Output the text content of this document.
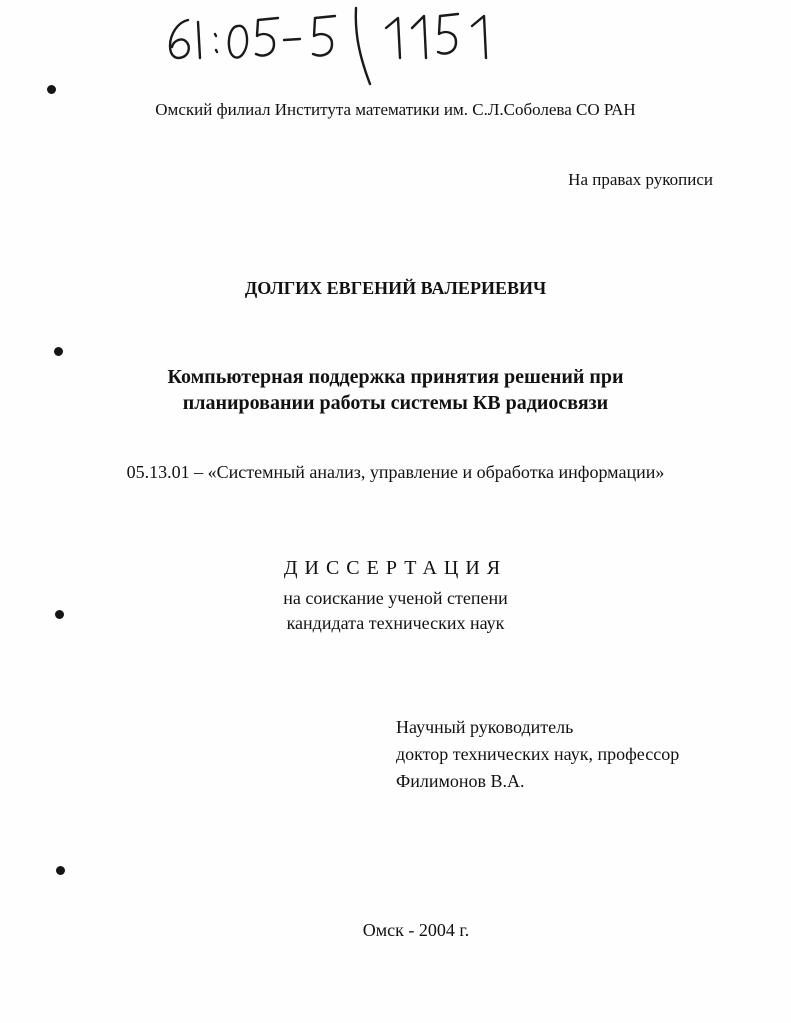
Омский филиал Института математики им. С.Л.Соболева СО РАН
На правах рукописи
ДОЛГИХ ЕВГЕНИЙ ВАЛЕРИЕВИЧ
Компьютерная поддержка принятия решений при
планировании работы системы КВ радиосвязи
05.13.01 – «Системный анализ, управление и обработка информации»
ДИССЕРТАЦИЯ
на соискание ученой степени
кандидата технических наук
Научный руководитель
доктор технических наук, профессор
Филимонов В.А.
Омск - 2004 г.
